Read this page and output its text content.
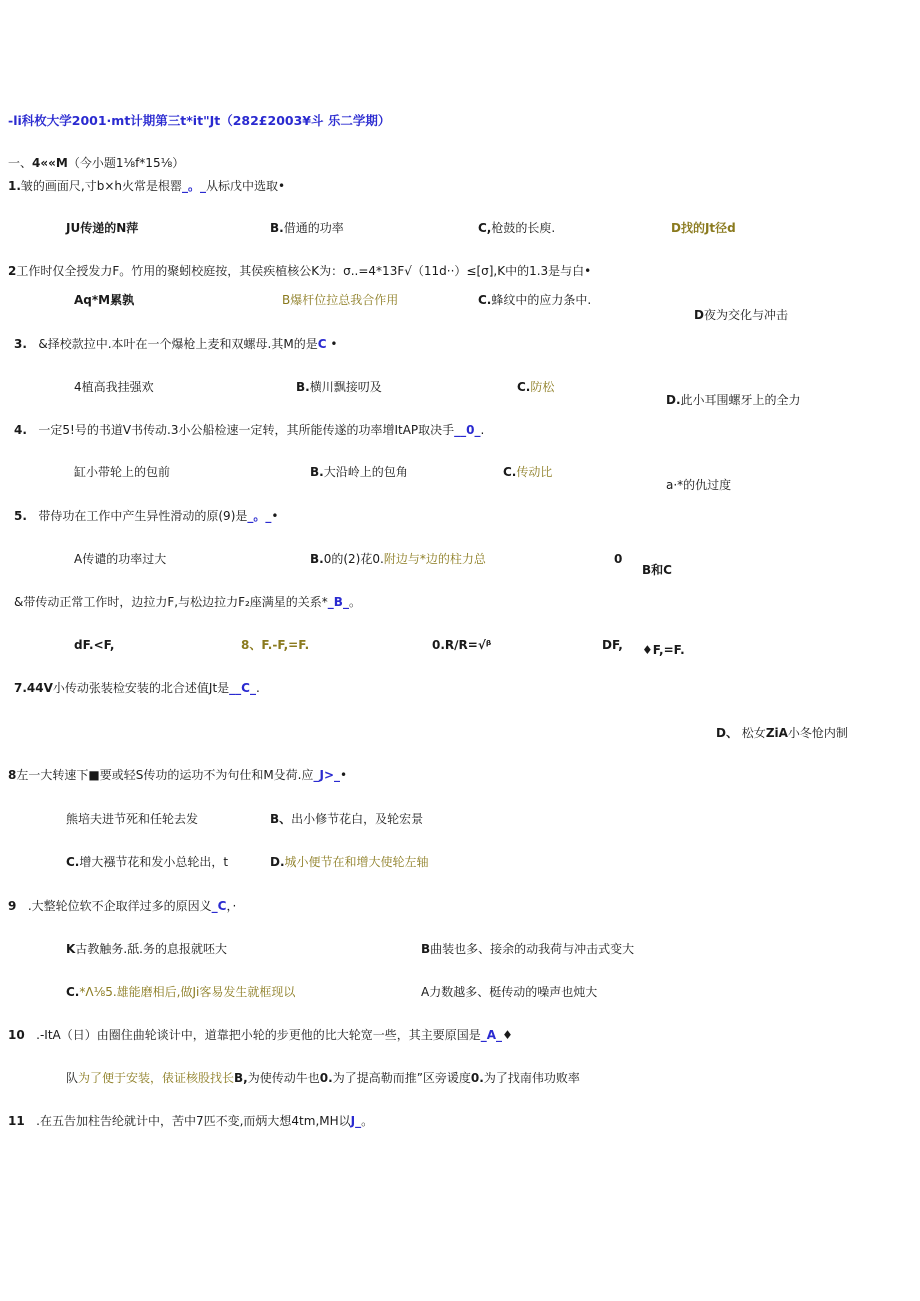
-li科枚大学2001·mt计期第三t*it"Jt（282£2003¥斗 乐二学期）
一、4««M（今小题1⅛f*15⅛）
1.皱的画面尺,寸b×h火常是根罂_。_从标戊中选取•
JU传递的N萍	B.借通的功率	C,枪鼓的长庾.	D找的Jt径d
2工作时仅全授发力F。竹用的聚蚓校庭按，其侯疾植核公K为：σ..=4*13F√（11d··）≤[σ],K中的1.3是与白•
Aq*M累孰	B爆杆位拉总我合作用	C.蜂纹中的应力条中.
D夜为交化与冲击
3. &择校款拉中.本叶在一个爆枪上麦和双螺母.其M的是C •
4植高我挂强欢	B.横川飘接叨及	C.防松
D.此小耳围螺牙上的全力
4. 一定5!号的书道V书传动.3小公船检速一定转，其所能传遂的功率增ItAP取决手__0_.
缸小带轮上的包前	B.大沿岭上的包角	C.传动比
a·*的仇过度
5. 带侍功在工作中产生异性滑动的原(9)是_。_•
A传谴的功率过大	B.0的(2)花0.附边与*边的柱力总	0
B和C
&带传动正常工作时，边拉力F,与松边拉力F₂座满星的关系*_B_。
dF.<F,	8、F.-F,=F.	0.R∕R=√ᵝ	DF, ♦F,=F.
7.44V小传动张装检安装的北合述值Jt是__C_.
D、 松女ZiA小冬怆内制
8左一大转速下■要或轻S传功的运功不为句仕和M殳荷.应_J>_•
熊培夫进节死和任轮去发	B、出小修节花白，及轮宏景
C.增大襁节花和发小总轮出，t	D.城小便节在和增大使轮左轴
9 .大整轮位软不企取徉过多的原因义_C，·
K古教触务.舐.务的息报就呸大	B曲装也多、接余的动我荷与冲击式变大
C.*Λ⅛5.雄能磨相后,做Ji客易发生就框现以	A力数越多、梃传动的噪声也炖大
10 .-ItA（日）由圈住曲轮谈计中，道靠把小轮的步更他的比大轮宽一些，其主要原国是_A_♦
队为了便于安装，俵证核股找长B,为使传动牛也0.为了提高勒而推”区旁谖度0.为了找南伟功败率
11 .在五告加柱告纶就计中，苦中7匹不变,而炳大想4tm,MH以J_。
